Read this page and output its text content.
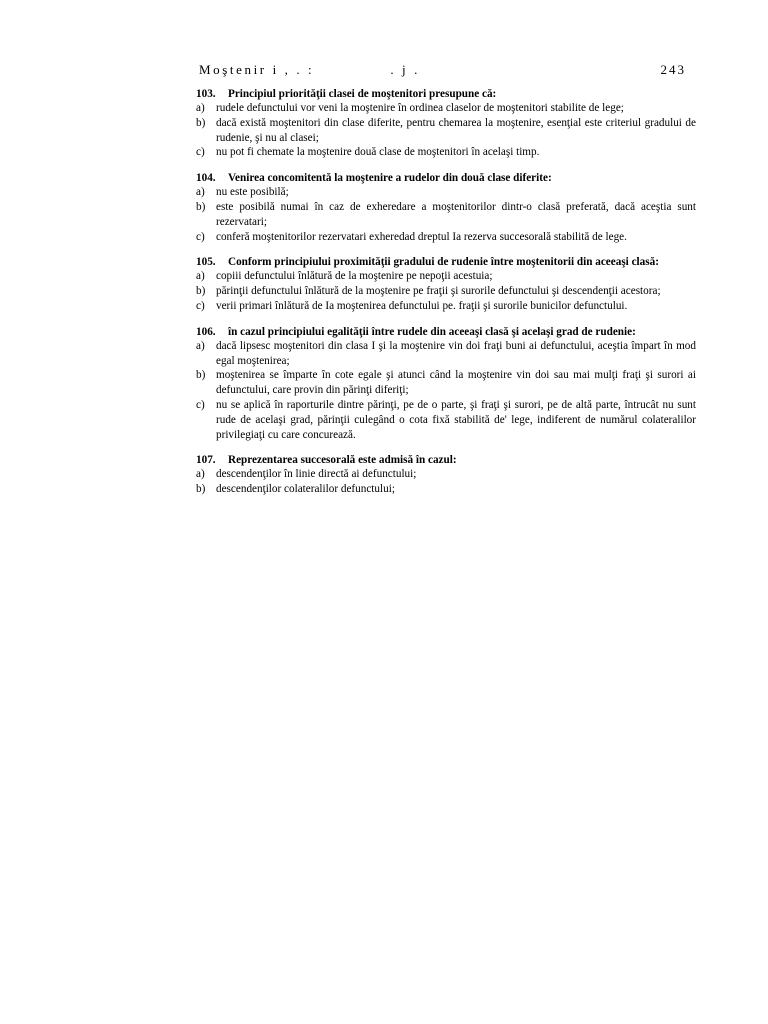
Moştenir i , . :             . j .	243
103. Principiul priorităţii clasei de moştenitori presupune că:
a) rudele defunctului vor veni la moştenire în ordinea claselor de moştenitori stabilite de lege;
b) dacă există moştenitori din clase diferite, pentru chemarea la moştenire, esenţial este criteriul gradului de rudenie, şi nu al clasei;
c) nu pot fi chemate la moştenire două clase de moştenitori în acelaşi timp.
104. Venirea concomitentă la moştenire a rudelor din două clase diferite:
a) nu este posibilă;
b) este posibilă numai în caz de exheredare a moştenitorilor dintr-o clasă preferată, dacă aceştia sunt rezervatari;
c) conferă moştenitorilor rezervatari exheredad dreptul Ia rezerva succesorală stabilită de lege.
105. Conform principiului proximităţii gradului de rudenie între moştenitorii din aceeaşi clasă:
a) copiii defunctului înlătură de la moştenire pe nepoţii acestuia;
b) părinţii defunctului înlătură de la moştenire pe fraţii şi surorile defunctului şi descendenţii acestora;
c) verii primari înlătură de Ia moştenirea defunctului pe. fraţii şi surorile bunicilor defunctului.
106. în cazul principiului egalităţii între rudele din aceeaşi clasă şi acelaşi grad de rudenie:
a) dacă lipsesc moştenitori din clasa I şi la moştenire vin doi fraţi buni ai defunctului, aceştia împart în mod egal moştenirea;
b) moştenirea se împarte în cote egale şi atunci când la moştenire vin doi sau mai mulţi fraţi şi surori ai defunctului, care provin din părinţi diferiţi;
c) nu se aplică în raporturile dintre părinţi, pe de o parte, şi fraţi şi surori, pe de altă parte, întrucât nu sunt rude de acelaşi grad, părinţii culegând o cota fixă stabilită de' lege, indiferent de numărul colateralilor privilegiaţi cu care concurează.
107. Reprezentarea succesorală este admisă în cazul:
a) descendenţilor în linie directă ai defunctului;
b) descendenţilor colateralilor defunctului;
